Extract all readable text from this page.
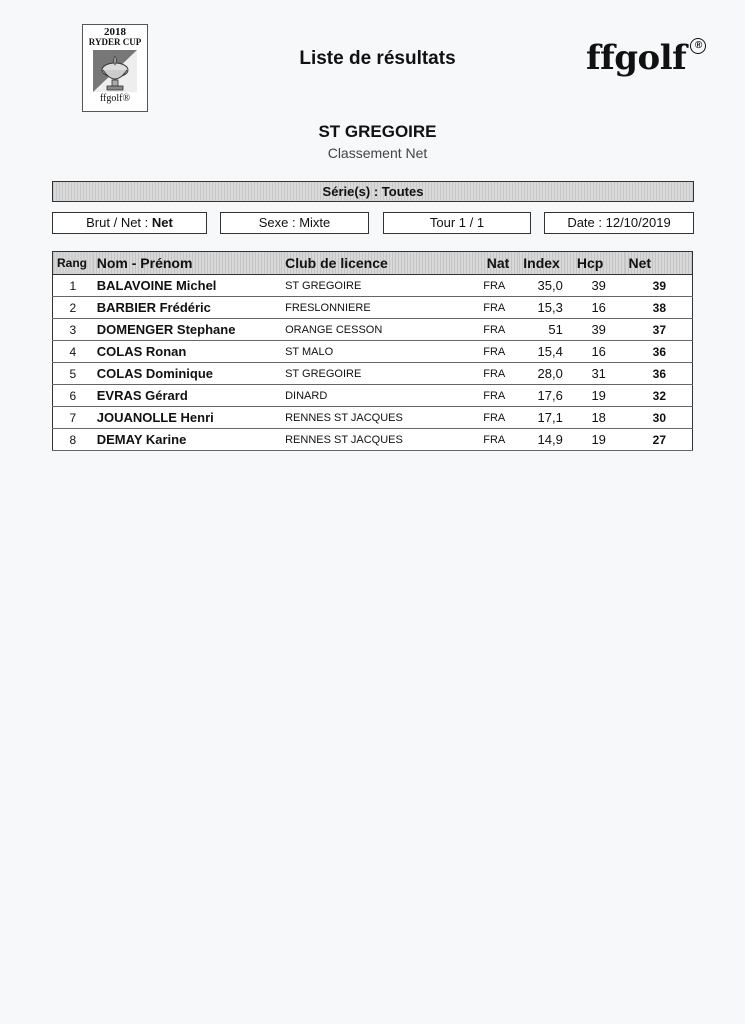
2018
RYDER CUP
ffgolf®
Liste de résultats	ffgolf ®
ST GREGOIRE
Classement Net
Série(s) : Toutes
Brut / Net : Net	Sexe : Mixte	Tour 1 / 1	Date : 12/10/2019
Rang	Nom - Prénom	Club de licence	Nat	Index	Hcp	Net
1	BALAVOINE Michel	ST GREGOIRE	FRA	35,0	39	39
2	BARBIER Frédéric	FRESLONNIERE	FRA	15,3	16	38
3	DOMENGER Stephane	ORANGE CESSON	FRA	51	39	37
4	COLAS Ronan	ST MALO	FRA	15,4	16	36
5	COLAS Dominique	ST GREGOIRE	FRA	28,0	31	36
6	EVRAS Gérard	DINARD	FRA	17,6	19	32
7	JOUANOLLE Henri	RENNES ST JACQUES	FRA	17,1	18	30
8	DEMAY Karine	RENNES ST JACQUES	FRA	14,9	19	27
